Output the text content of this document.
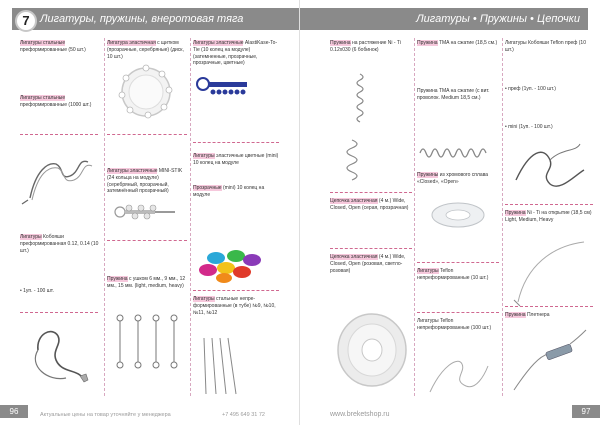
Лигатуры, пружины, внеротовая тяга
7
Лигатуры стальные преформированные (50 шт.)
Лигатуры стальные преформированные (1000 шт.)
Лигатуры Кобояши преформированная 0.12, 0.14 (10 шт.)
• 1уп. - 100 шт.
Лигатура эластичная с щитком (прозрачные, серебряные) (диск, 10 шт.)
Лигатуры эластичные MINI-STIK (24 кольца на модуле) (серебряный, прозрачный, затемнённый прозрачный)
Пружина с ушком 6 мм., 9 мм., 12 мм., 15 мм. (light, medium, heavy)
Лигатуры эластичные AlastiKase-To-Tie (10 колец на модуле) (затемненные, прозрачные, прозрачные, цветные)
Лигатуры эластичные цветные (mini) 10 колец на модуле
Прозрачные (mini) 10 колец на модуле
Лигатуры стальные непре-формированные (в тубе) №9, №10, №11, №12
96	Актуальные цены на товар уточняйте у менеджера	+7 495 649 31 72
Лигатуры • Пружины • Цепочки
Пружина на растяжение Ni - Ti 0.12x030 (6 бобинок)
Цепочка эластичная (4 м.) Wide, Closed, Open (серая, прозрачная)
Цепочка эластичная (4 м.) Wide, Closed, Open (розовая, светло-розовая)
Пружина TMA на сжатие (18,5 см.)
Пружина TMA на сжатие (с вит. проволок. Medium 18,5 см.)
Пружины из хромового сплава «Closed», «Open»
Лигатуры Teflon непреформированные (10 шт.)
Лигатуры Teflon непреформированные (100 шт.)
Лигатуры Кобояши Teflon преф (10 шт.)
• преф (1уп. - 100 шт.)
• mini (1уп. - 100 шт.)
Пружина Ni - Ti на открытие (18,5 см) Light, Medium, Heavy
Пружина Плетнера
www.breketshop.ru	97
